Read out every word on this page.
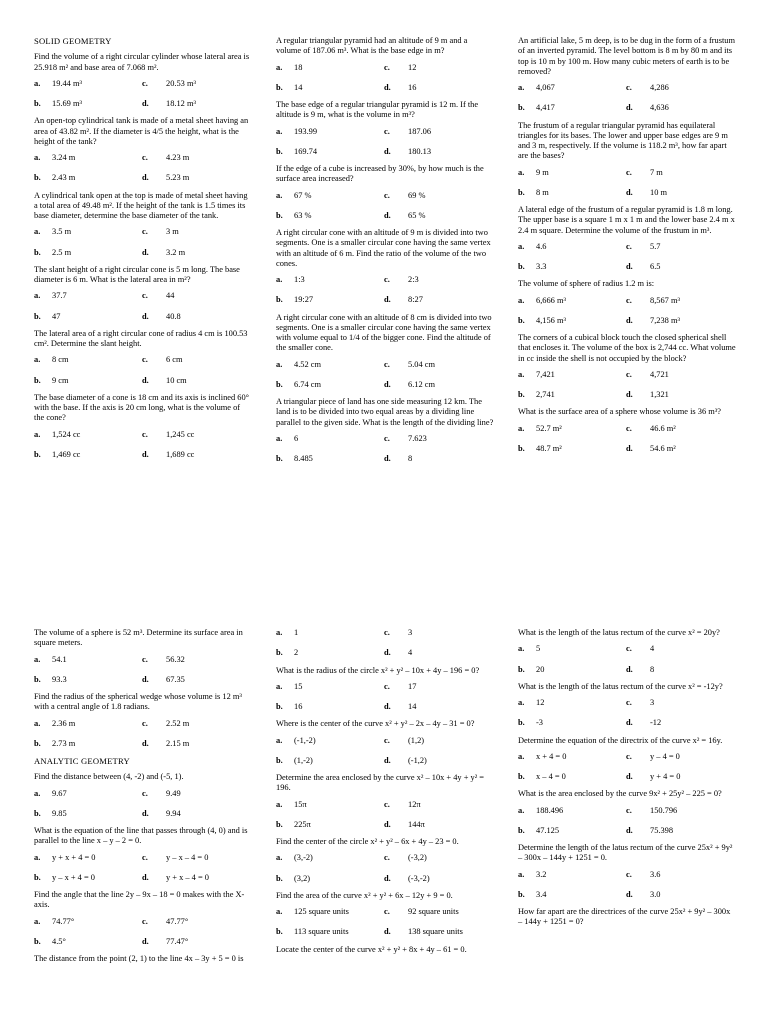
SOLID GEOMETRY
Find the volume of a right circular cylinder whose lateral area is 25.918 m² and base area of 7.068 m².
a.	19.44 m³	c.	20.53 m³
b.	15.69 m³	d.	18.12 m³
An open-top cylindrical tank is made of a metal sheet having an area of 43.82 m². If the diameter is 4/5 the height, what is the height of the tank?
a.	3.24 m	c.	4.23 m
b.	2.43 m	d.	5.23 m
A cylindrical tank open at the top is made of metal sheet having a total area of 49.48 m². If the height of the tank is 1.5 times its base diameter, determine the base diameter of the tank.
a.	3.5 m	c.	3 m
b.	2.5 m	d.	3.2 m
The slant height of a right circular cone is 5 m long. The base diameter is 6 m. What is the lateral area in m²?
a.	37.7	c.	44
b.	47	d.	40.8
The lateral area of a right circular cone of radius 4 cm is 100.53 cm². Determine the slant height.
a.	8 cm	c.	6 cm
b.	9 cm	d.	10 cm
The base diameter of a cone is 18 cm and its axis is inclined 60° with the base. If the axis is 20 cm long, what is the volume of the cone?
a.	1,524 cc	c.	1,245 cc
b.	1,469 cc	d.	1,689 cc
A regular triangular pyramid had an altitude of 9 m and a volume of 187.06 m³. What is the base edge in m?
a.	18	c.	12
b.	14	d.	16
The base edge of a regular triangular pyramid is 12 m. If the altitude is 9 m, what is the volume in m³?
a.	193.99	c.	187.06
b.	169.74	d.	180.13
If the edge of a cube is increased by 30%, by how much is the surface area increased?
a.	67 %	c.	69 %
b.	63 %	d.	65 %
A right circular cone with an altitude of 9 m is divided into two segments. One is a smaller circular cone having the same vertex with an altitude of 6 m. Find the ratio of the volume of the two cones.
a.	1:3	c.	2:3
b.	19:27	d.	8:27
A right circular cone with an altitude of 8 cm is divided into two segments. One is a smaller circular cone having the same vertex with volume equal to 1/4 of the bigger cone. Find the altitude of the smaller cone.
a.	4.52 cm	c.	5.04 cm
b.	6.74 cm	d.	6.12 cm
A triangular piece of land has one side measuring 12 km. The land is to be divided into two equal areas by a dividing line parallel to the given side. What is the length of the dividing line?
a.	6	c.	7.623
b.	8.485	d.	8
An artificial lake, 5 m deep, is to be dug in the form of a frustum of an inverted pyramid. The level bottom is 8 m by 80 m and its top is 10 m by 100 m. How many cubic meters of earth is to be removed?
a.	4,067	c.	4,286
b.	4,417	d.	4,636
The frustum of a regular triangular pyramid has equilateral triangles for its bases. The lower and upper base edges are 9 m and 3 m, respectively. If the volume is 118.2 m³, how far apart are the bases?
a.	9 m	c.	7 m
b.	8 m	d.	10 m
A lateral edge of the frustum of a regular pyramid is 1.8 m long. The upper base is a square 1 m x 1 m and the lower base 2.4 m x 2.4 m square. Determine the volume of the frustum in m³.
a.	4.6	c.	5.7
b.	3.3	d.	6.5
The volume of sphere of radius 1.2 m is:
a.	6,666 m³	c.	8,567 m³
b.	4,156 m³	d.	7,238 m³
The corners of a cubical block touch the closed spherical shell that encloses it. The volume of the box is 2,744 cc. What volume in cc inside the shell is not occupied by the block?
a.	7,421	c.	4,721
b.	2,741	d.	1,321
What is the surface area of a sphere whose volume is 36 m³?
a.	52.7 m²	c.	46.6 m²
b.	48.7 m²	d.	54.6 m²
The volume of a sphere is 52 m³. Determine its surface area in square meters.
a.	54.1	c.	56.32
b.	93.3	d.	67.35
Find the radius of the spherical wedge whose volume is 12 m³ with a central angle of 1.8 radians.
a.	2.36 m	c.	2.52 m
b.	2.73 m	d.	2.15 m
ANALYTIC GEOMETRY
Find the distance between (4, -2) and (-5, 1).
a.	9.67	c.	9.49
b.	9.85	d.	9.94
What is the equation of the line that passes through (4, 0) and is parallel to the line x – y – 2 = 0.
a.	y + x + 4 = 0	c.	y – x – 4 = 0
b.	y – x + 4 = 0	d.	y + x – 4 = 0
Find the angle that the line 2y – 9x – 18 = 0 makes with the X-axis.
a.	74.77°	c.	47.77°
b.	4.5°	d.	77.47°
The distance from the point (2, 1) to the line 4x – 3y + 5 = 0 is
a.	1	c.	3
b.	2	d.	4
What is the radius of the circle x² + y² – 10x + 4y – 196 = 0?
a.	15	c.	17
b.	16	d.	14
Where is the center of the curve x² + y² – 2x – 4y – 31 = 0?
a.	(-1,-2)	c.	(1,2)
b.	(1,-2)	d.	(-1,2)
Determine the area enclosed by the curve x² – 10x + 4y + y² = 196.
a.	15π	c.	12π
b.	225π	d.	144π
Find the center of the circle x² + y² – 6x + 4y – 23 = 0.
a.	(3,-2)	c.	(-3,2)
b.	(3,2)	d.	(-3,-2)
Find the area of the curve x² + y² + 6x – 12y + 9 = 0.
a.	125 square units	c.	92 square units
b.	113 square units	d.	138 square units
Locate the center of the curve x² + y² + 8x + 4y – 61 = 0.
What is the length of the latus rectum of the curve x² = 20y?
a.	5	c.	4
b.	20	d.	8
What is the length of the latus rectum of the curve x² = -12y?
a.	12	c.	3
b.	-3	d.	-12
Determine the equation of the directrix of the curve x² = 16y.
a.	x + 4 = 0	c.	y – 4 = 0
b.	x – 4 = 0	d.	y + 4 = 0
What is the area enclosed by the curve 9x² + 25y² – 225 = 0?
a.	188.496	c.	150.796
b.	47.125	d.	75.398
Determine the length of the latus rectum of the curve 25x² + 9y² – 300x – 144y + 1251 = 0.
a.	3.2	c.	3.6
b.	3.4	d.	3.0
How far apart are the directrices of the curve 25x² + 9y² – 300x – 144y + 1251 = 0?
